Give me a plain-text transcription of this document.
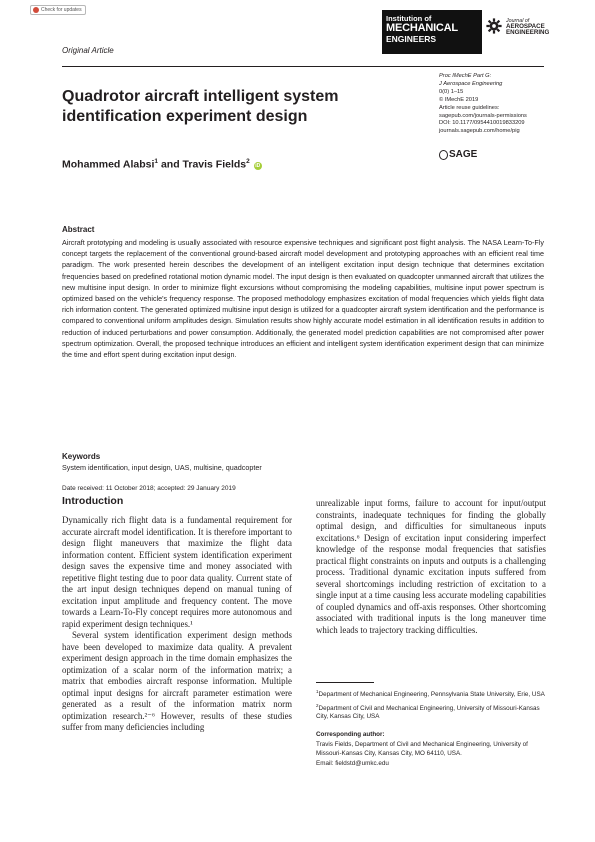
Check for updates
Original Article
Institution of
MECHANICAL
ENGINEERS
Journal of
AEROSPACE
ENGINEERING
Proc IMechE Part G:
J Aerospace Engineering
0(0) 1–15
© IMechE 2019
Article reuse guidelines:
sagepub.com/journals-permissions
DOI: 10.1177/0954410019833209
journals.sagepub.com/home/pig
SAGE
Quadrotor aircraft intelligent system identification experiment design
Mohammed Alabsi$^1$ and Travis Fields$^2$ iD
Abstract

Aircraft prototyping and modeling is usually associated with resource expensive techniques and significant post flight analysis. The NASA Learn-To-Fly concept targets the replacement of the conventional ground-based aircraft model development and prototyping approaches with an efficient real time paradigm. The work presented herein describes the development of an intelligent excitation input design technique that determines excitation frequencies based on predefined rotational motion dynamic model. The input design is then evaluated on quadcopter unmanned aircraft that utilizes the new multisine input design. In order to minimize flight excursions without compromising the modeling capabilities, multisine input power spectrum is optimized based on the vehicle's frequency response. The proposed methodology emphasizes excitation of modal frequencies which yields flight data rich information content. The generated optimized multisine input design is utilized for a quadcopter aircraft system identification and the performance is compared to conventional uniform amplitudes design. Simulation results show highly accurate model estimation in all identification results in addition to reduction of induced perturbations and power consumption. Additionally, the generated model prediction capabilities are not compromised after power spectrum optimization. Overall, the proposed technique introduces an efficient and intelligent system identification experiment design that can minimize the time and effort spent during excitation input design.

Keywords

System identification, input design, UAS, multisine, quadcopter

Date received: 11 October 2018; accepted: 29 January 2019
Introduction

Dynamically rich flight data is a fundamental requirement for accurate aircraft model identification. It is therefore important to design flight maneuvers that maximize the flight data information content. Efficient system identification experiment design saves the expensive time and money associated with repetitive flight testing due to poor data quality. Current state of the art input design techniques depend on manual tuning of excitation input amplitude and frequency content. The move towards a Learn-To-Fly concept requires more autonomous and rapid experiment design techniques.¹

Several system identification experiment design methods have been developed to maximize data quality. A prevalent experiment design approach in the time domain emphasizes the optimization of a scalar norm of the information matrix; a matrix that embodies aircraft response information. Multiple optimal input designs for aircraft parameter estimation were generated as a result of the information matrix norm optimization research.²⁻⁶ However, results of these studies suffer from many deficiencies including

unrealizable input forms, failure to account for input/output constraints, inadequate techniques for finding the globally optimal design, and difficulties for simultaneous inputs excitations.⁶ Design of excitation input considering imperfect knowledge of the response modal frequencies that satisfies practical flight constraints on inputs and outputs is a challenging process. Traditional dynamic excitation inputs suffered from several shortcomings including restriction of excitation to a single input at a time causing less accurate modeling capabilities of coupled dynamics and off-axis responses. Other shortcoming associated with traditional inputs is the long maneuver time which leads to trajectory tracking difficulties.

$^1$Department of Mechanical Engineering, Pennsylvania State University, Erie, USA

$^2$Department of Civil and Mechanical Engineering, University of Missouri-Kansas City, Kansas City, USA

Corresponding author:

Travis Fields, Department of Civil and Mechanical Engineering, University of Missouri-Kansas City, Kansas City, MO 64110, USA.

Email: fieldstd@umkc.edu
